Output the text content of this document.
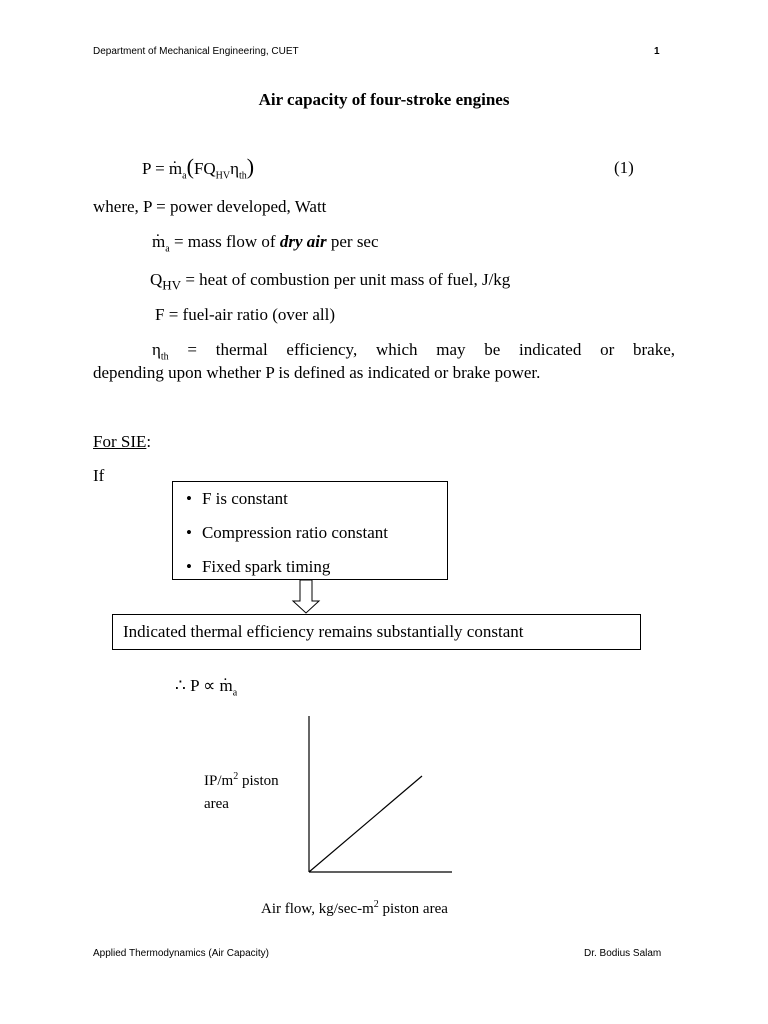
Department of Mechanical Engineering, CUET	1
Air capacity of four-stroke engines
P = . $m_a(FQ_{HV}\eta_{th})$	(1)
where, P = power developed, Watt
. $m_a$ = mass flow of dry air per sec
$Q_{HV}$ = heat of combustion per unit mass of fuel, J/kg
F = fuel-air ratio (over all)
$\eta_{th}$ = thermal efficiency, which may be indicated or brake,
depending upon whether P is defined as indicated or brake power.
For SIE:
If
• F is constant
• Compression ratio constant
• Fixed spark timing
Indicated thermal efficiency remains substantially constant
∴ P ∝ . $m_a$
$IP/m^2$ piston
area
Air flow, $kg/\sec-m^2$ piston area
Applied Thermodynamics (Air Capacity)	Dr. Bodius Salam
